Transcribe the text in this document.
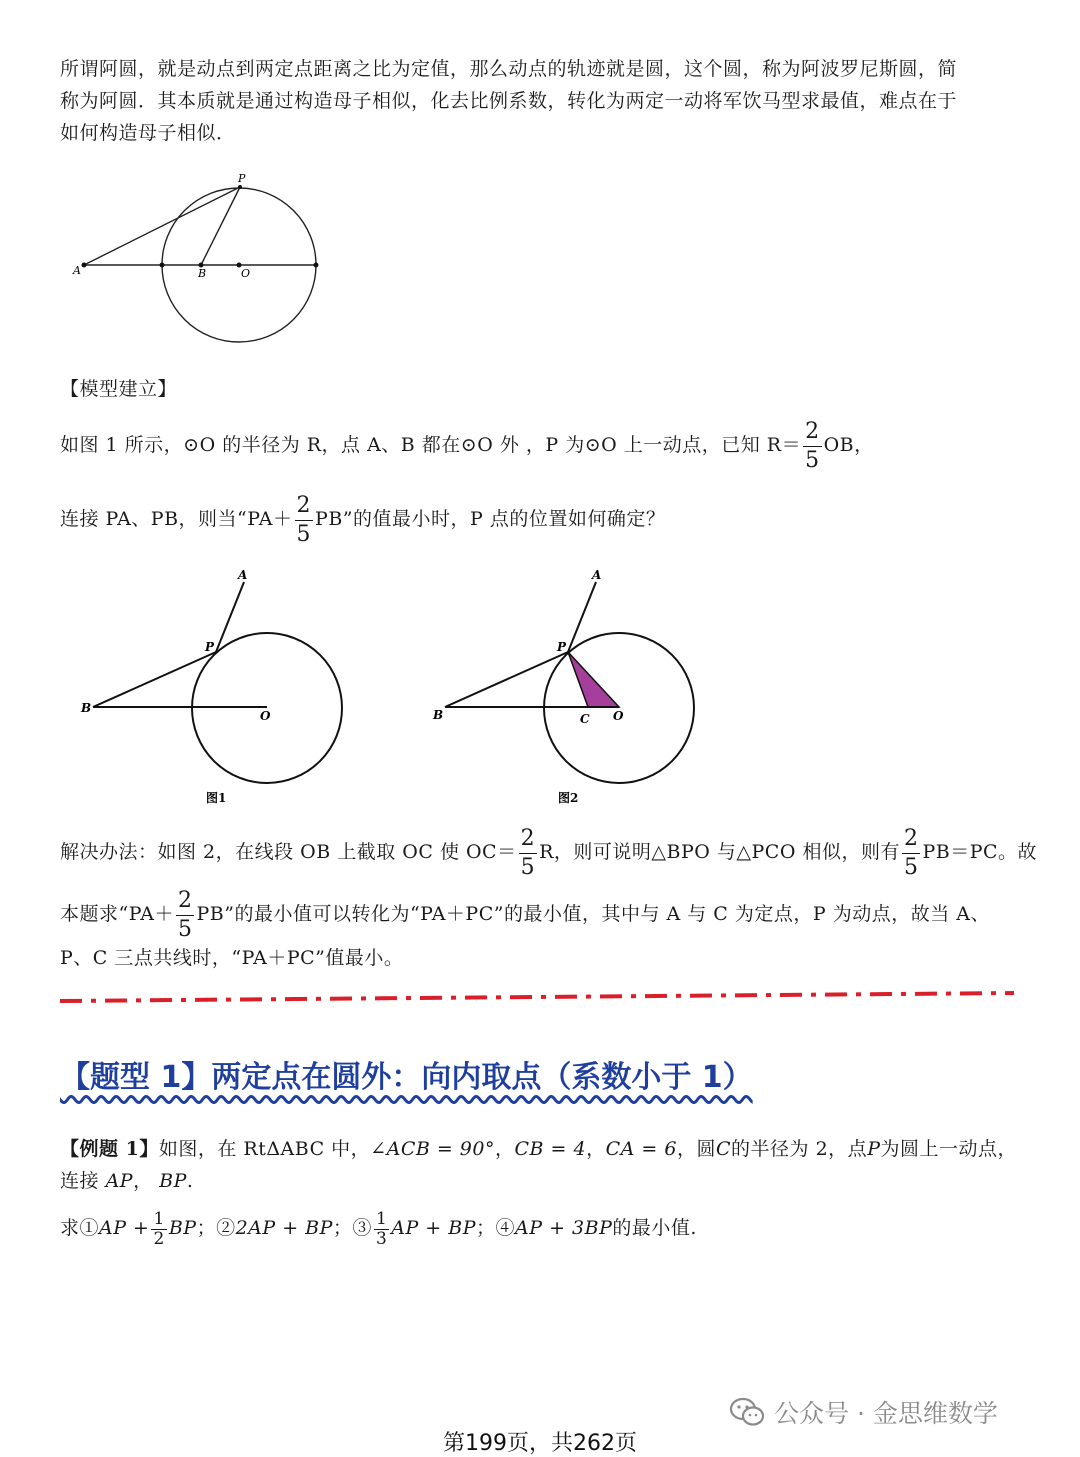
所谓阿圆，就是动点到两定点距离之比为定值，那么动点的轨迹就是圆，这个圆，称为阿波罗尼斯圆，简
称为阿圆．其本质就是通过构造母子相似，化去比例系数，转化为两定一动将军饮马型求最值，难点在于
如何构造母子相似．
P
A	B	O
【模型建立】
如图 1 所示，⊙O 的半径为 R，点 A、B 都在⊙O 外 ，P 为⊙O 上一动点，已知 $R= \frac{2}{5}$ OB，
连接 PA、PB，则当“$PA+ \frac{2}{5}$ PB”的值最小时，P 点的位置如何确定？
A
P
B
O
图1
A
P
B	C O
图2
解决办法：如图 2，在线段 OB 上截取 OC 使 $OC= \frac{2}{5}$ R，则可说明△BPO 与△PCO 相似，则有 $\frac{2}{5} PB=PC$。故
本题求“$PA+ \frac{2}{5}$ PB”的最小值可以转化为“PA＋PC”的最小值，其中与 A 与 C 为定点，P 为动点，故当 A、
P、C 三点共线时，“PA＋PC”值最小。
【题型 1】两定点在圆外：向内取点（系数小于 1）
【例题 1】如图，在 RtΔABC 中，∠ACB = 90°，CB = 4，CA = 6，圆C的半径为 2，点P为圆上一动点，
连接 AP， BP.
求①AP + $\frac{1}{2}$ BP；②2AP + BP；③ $\frac{1}{3}$ AP + BP；④AP + 3BP的最小值.
公众号 · 金思维数学
第199页，共262页
